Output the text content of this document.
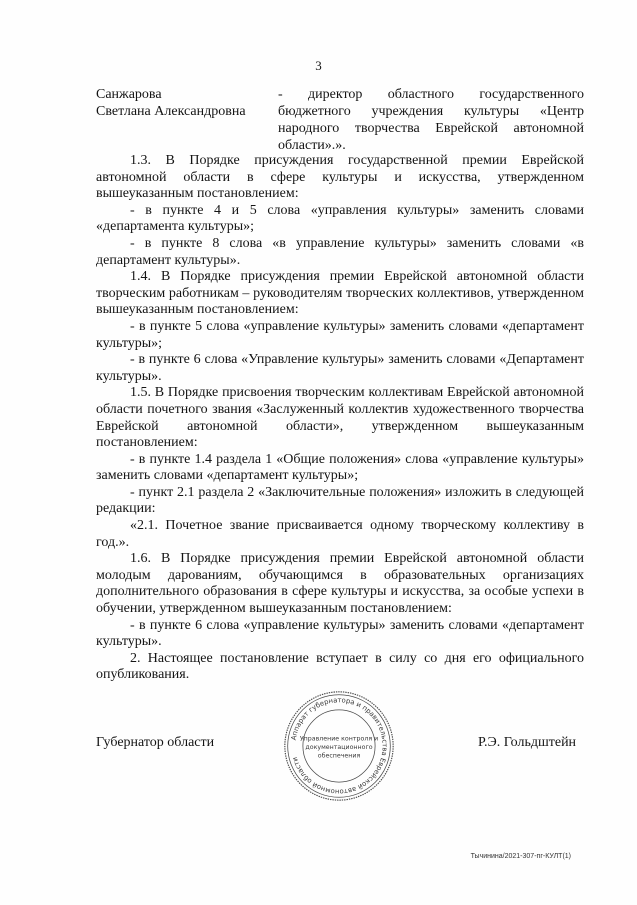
3
Санжарова
Светлана Александровна
- директор областного государственного бюджетного учреждения культуры «Центр народного творчества Еврейской автономной области».».

1.3. В Порядке присуждения государственной премии Еврейской автономной области в сфере культуры и искусства, утвержденном вышеуказанным постановлением:

- в пункте 4 и 5 слова «управления культуры» заменить словами «департамента культуры»;

- в пункте 8 слова «в управление культуры» заменить словами «в департамент культуры».

1.4. В Порядке присуждения премии Еврейской автономной области творческим работникам – руководителям творческих коллективов, утвержденном вышеуказанным постановлением:

- в пункте 5 слова «управление культуры» заменить словами «департамент культуры»;

- в пункте 6 слова «Управление культуры» заменить словами «Департамент культуры».

1.5. В Порядке присвоения творческим коллективам Еврейской автономной области почетного звания «Заслуженный коллектив художественного творчества Еврейской автономной области», утвержденном вышеуказанным постановлением:

- в пункте 1.4 раздела 1 «Общие положения» слова «управление культуры» заменить словами «департамент культуры»;

- пункт 2.1 раздела 2 «Заключительные положения» изложить в следующей редакции:

«2.1. Почетное звание присваивается одному творческому коллективу в год.».

1.6. В Порядке присуждения премии Еврейской автономной области молодым дарованиям, обучающимся в образовательных организациях дополнительного образования в сфере культуры и искусства, за особые успехи в обучении, утвержденном вышеуказанным постановлением:

- в пункте 6 слова «управление культуры» заменить словами «департамент культуры».

2. Настоящее постановление вступает в силу со дня его официального опубликования.

Губернатор области	Р.Э. Гольдштейн
Аппарат губернатора и правительства Еврейской автономной области
Управление контроля и
документационного
обеспечения
Тычинина/2021-307-пг-КУЛТ(1)
